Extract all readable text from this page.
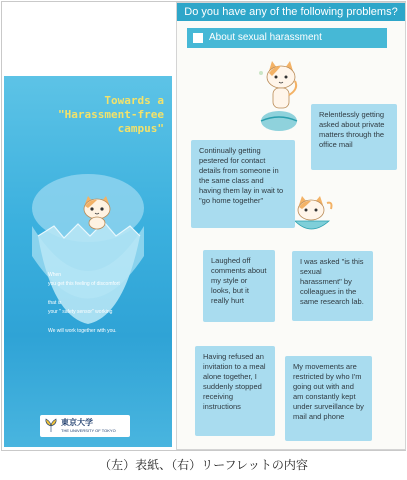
Towards a
"Harassment-free
campus"
When
you get this feeling of discomfort
that is
your " safety sensor" working
We will work together with you.
東京大学
THE UNIVERSITY OF TOKYO
Do you have any of the following problems?
About sexual harassment
Relentlessly getting asked about private matters through the office mail
Continually getting pestered for contact details from someone in the same class and having them lay in wait to "go home together"
Laughed off comments about my style or looks, but it really hurt
I was asked "is this sexual harassment" by colleagues in the same research lab.
Having refused an invitation to a meal alone together, I suddenly stopped receiving instructions
My movements are restricted by who I'm going out with and am constantly kept under surveillance by mail and phone
（左）表紙、（右）リーフレットの内容
